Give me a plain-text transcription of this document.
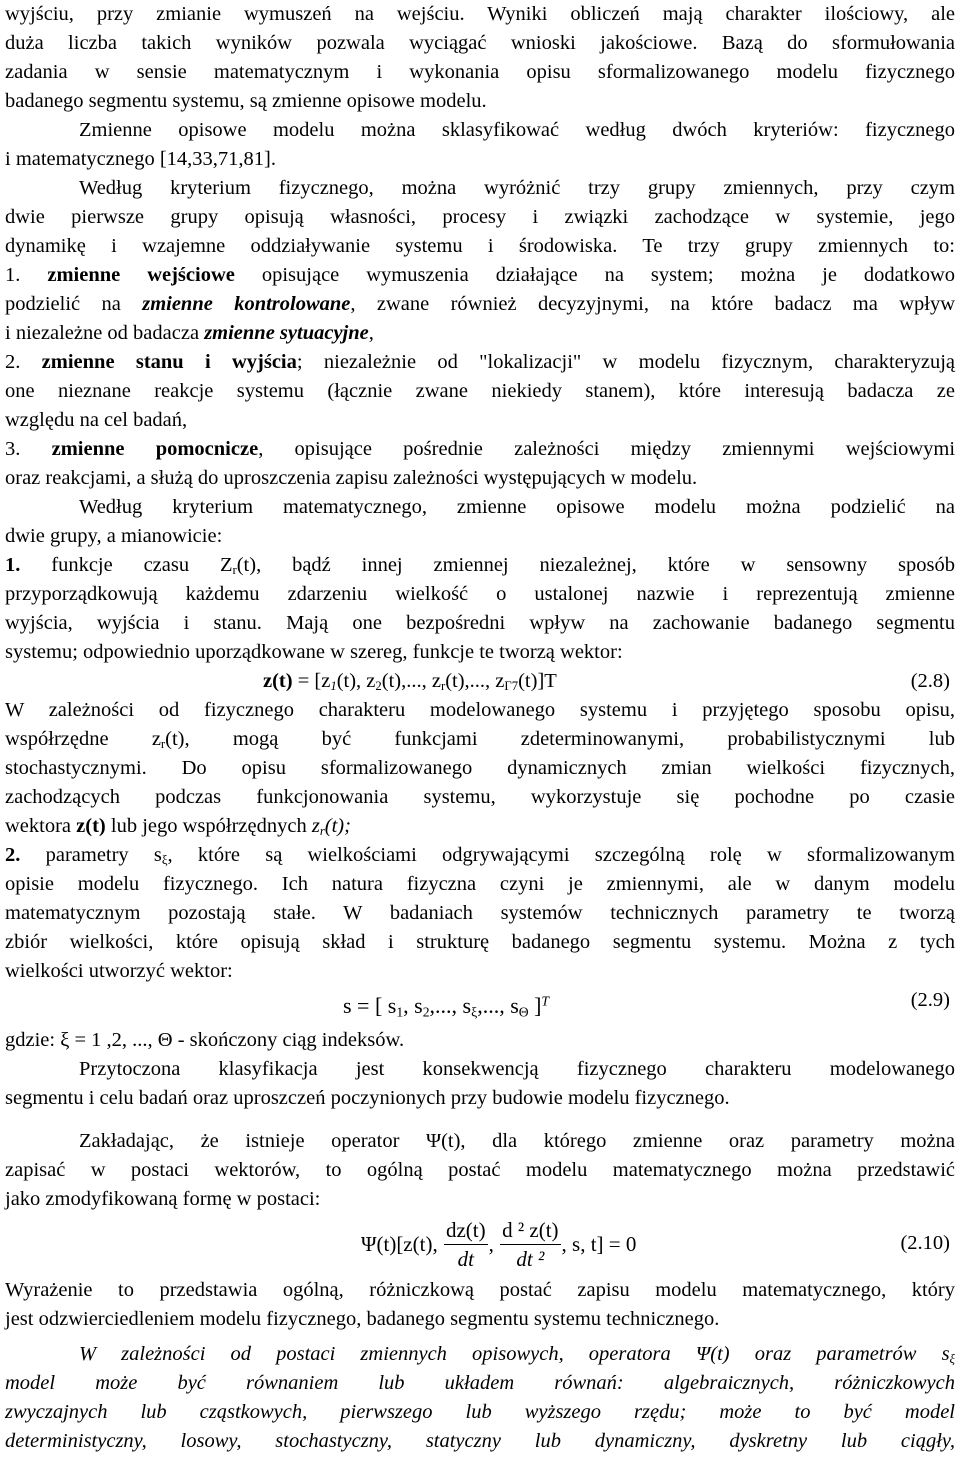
wyjściu, przy zmianie wymuszeń na wejściu. Wyniki obliczeń mają charakter ilościowy, ale
duża liczba takich wyników pozwala wyciągać wnioski jakościowe. Bazą do sformułowania
zadania w sensie matematycznym i wykonania opisu sformalizowanego modelu fizycznego
badanego segmentu systemu, są zmienne opisowe modelu.
Zmienne opisowe modelu można sklasyfikować według dwóch kryteriów: fizycznego
i matematycznego [14,33,71,81].
Według kryterium fizycznego, można wyróżnić trzy grupy zmiennych, przy czym
dwie pierwsze grupy opisują własności, procesy i związki zachodzące w systemie, jego
dynamikę i wzajemne oddziaływanie systemu i środowiska. Te trzy grupy zmiennych to:
1. zmienne wejściowe opisujące wymuszenia działające na system; można je dodatkowo
podzielić na zmienne kontrolowane, zwane również decyzyjnymi, na które badacz ma wpływ
i niezależne od badacza zmienne sytuacyjne,
2. zmienne stanu i wyjścia; niezależnie od "lokalizacji" w modelu fizycznym, charakteryzują
one nieznane reakcje systemu (łącznie zwane niekiedy stanem), które interesują badacza ze
względu na cel badań,
3. zmienne pomocnicze, opisujące pośrednie zależności między zmiennymi wejściowymi
oraz reakcjami, a służą do uproszczenia zapisu zależności występujących w modelu.
Według kryterium matematycznego, zmienne opisowe modelu można podzielić na
dwie grupy, a mianowicie:
1. funkcje czasu $Z_r(t)$, bądź innej zmiennej niezależnej, które w sensowny sposób
przyporządkowują każdemu zdarzeniu wielkość o ustalonej nazwie i reprezentują zmienne
wyjścia, wyjścia i stanu. Mają one bezpośredni wpływ na zachowanie badanego segmentu
systemu; odpowiednio uporządkowane w szereg, funkcje te tworzą wektor:
$z(t) = [z_1(t)$, $z_2(t)$,..., $z_r(t)$,..., $z_{\Gamma 7}(t)]T$	(2.8)
W zależności od fizycznego charakteru modelowanego systemu i przyjętego sposobu opisu,
współrzędne $z_r(t)$, mogą być funkcjami zdeterminowanymi, probabilistycznymi lub
stochastycznymi. Do opisu sformalizowanego dynamicznych zmian wielkości fizycznych,
zachodzących podczas funkcjonowania systemu, wykorzystuje się pochodne po czasie
wektora z(t) lub jego współrzędnych $z_r(t)$;
2. parametry $s_\xi$, które są wielkościami odgrywającymi szczególną rolę w sformalizowanym
opisie modelu fizycznego. Ich natura fizyczna czyni je zmiennymi, ale w danym modelu
matematycznym pozostają stałe. W badaniach systemów technicznych parametry te tworzą
zbiór wielkości, które opisują skład i strukturę badanego segmentu systemu. Można z tych
wielkości utworzyć wektor:
s = [ $s_1$, $s_2$,..., $s_\xi$,..., $s_\Theta$ ]$^T$	(2.9)
gdzie: ξ = 1 ,2, ..., Θ - skończony ciąg indeksów.
Przytoczona klasyfikacja jest konsekwencją fizycznego charakteru modelowanego
segmentu i celu badań oraz uproszczeń poczynionych przy budowie modelu fizycznego.
Zakładając, że istnieje operator Ψ(t), dla którego zmienne oraz parametry można
zapisać w postaci wektorów, to ogólną postać modelu matematycznego można przedstawić
jako zmodyfikowaną formę w postaci:
Ψ(t)[z(t), $\frac{dz(t)}{dt}$ , $\frac{\text{d ² z(t)}}{\text{dt ²}}$ , s, t] = 0	(2.10)
Wyrażenie to przedstawia ogólną, różniczkową postać zapisu modelu matematycznego, który
jest odzwierciedleniem modelu fizycznego, badanego segmentu systemu technicznego.
W zależności od postaci zmiennych opisowych, operatora Ψ(t) oraz parametrów $s_\xi$
model może być równaniem lub układem równań: algebraicznych, różniczkowych
zwyczajnych lub cząstkowych, pierwszego lub wyższego rzędu; może to być model
deterministyczny, losowy, stochastyczny, statyczny lub dynamiczny, dyskretny lub ciągły,
